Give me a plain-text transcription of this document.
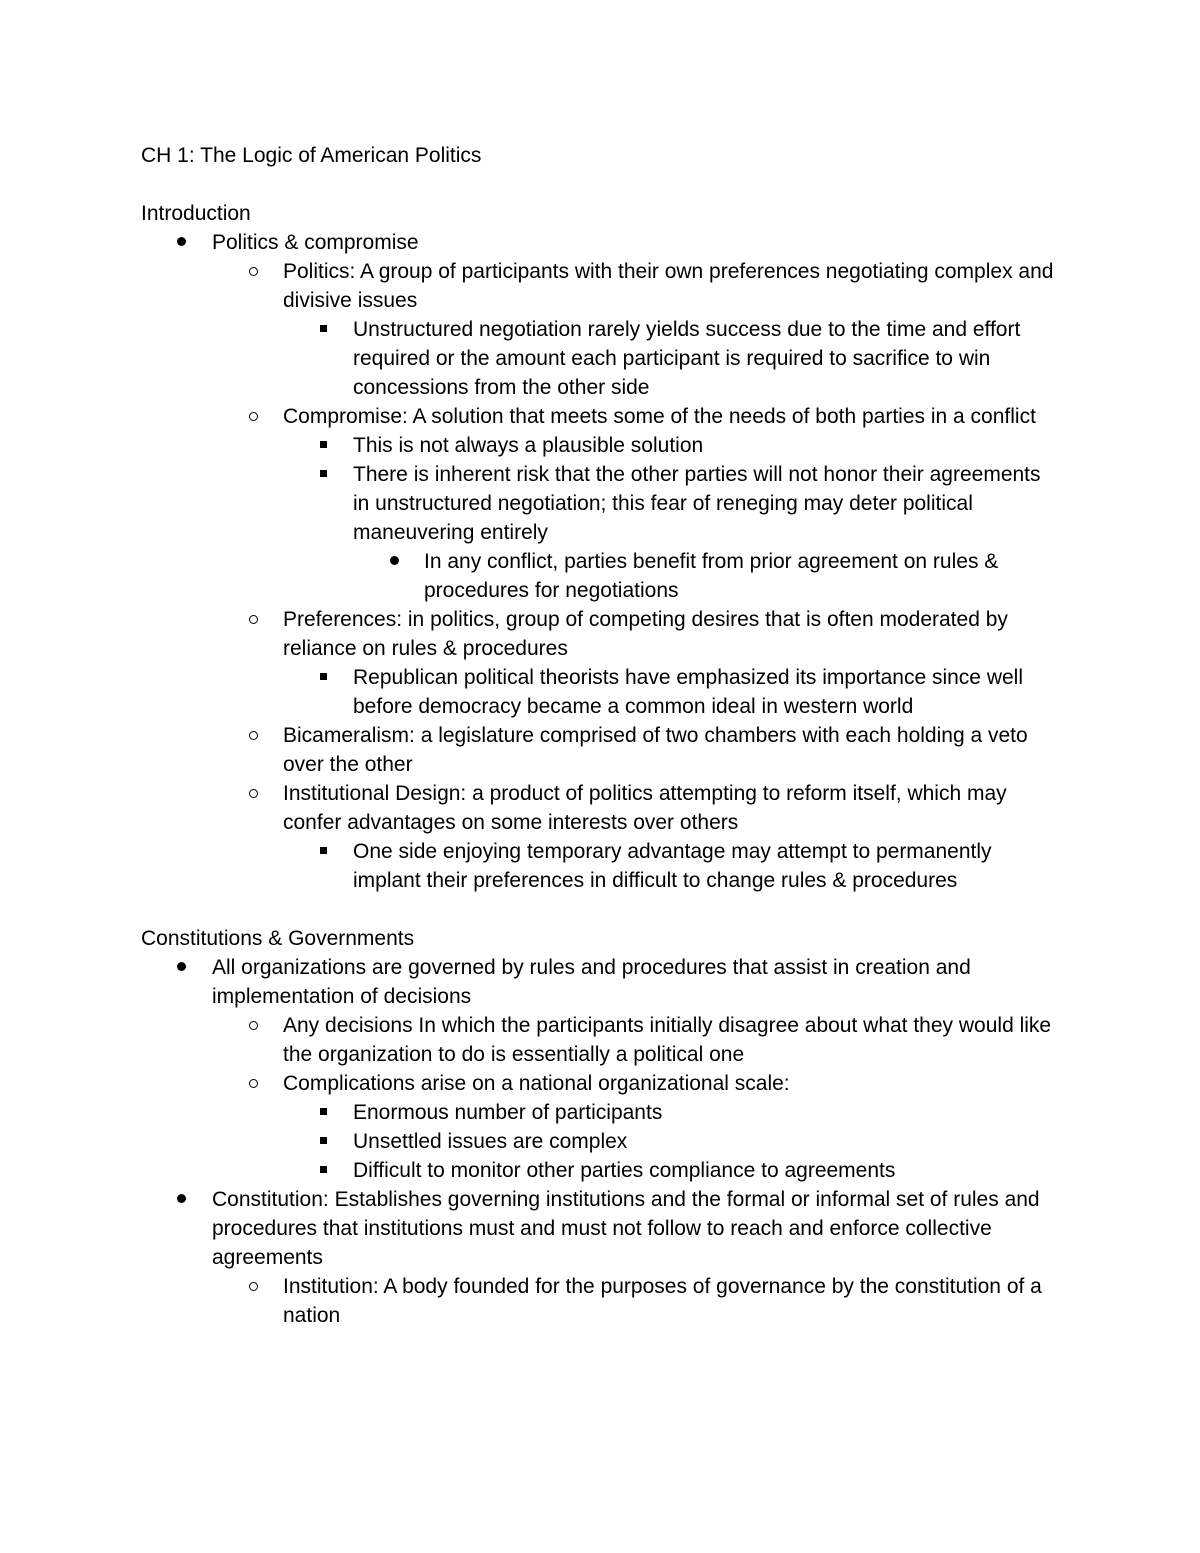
CH 1: The Logic of American Politics
Introduction
Politics & compromise
Politics: A group of participants with their own preferences negotiating complex and divisive issues
Unstructured negotiation rarely yields success due to the time and effort required or the amount each participant is required to sacrifice to win concessions from the other side
Compromise: A solution that meets some of the needs of both parties in a conflict
This is not always a plausible solution
There is inherent risk that the other parties will not honor their agreements in unstructured negotiation; this fear of reneging may deter political maneuvering entirely
In any conflict, parties benefit from prior agreement on rules & procedures for negotiations
Preferences: in politics, group of competing desires that is often moderated by reliance on rules & procedures
Republican political theorists have emphasized its importance since well before democracy became a common ideal in western world
Bicameralism: a legislature comprised of two chambers with each holding a veto over the other
Institutional Design: a product of politics attempting to reform itself, which may confer advantages on some interests over others
One side enjoying temporary advantage may attempt to permanently implant their preferences in difficult to change rules & procedures
Constitutions & Governments
All organizations are governed by rules and procedures that assist in creation and implementation of decisions
Any decisions In which the participants initially disagree about what they would like the organization to do is essentially a political one
Complications arise on a national organizational scale:
Enormous number of participants
Unsettled issues are complex
Difficult to monitor other parties compliance to agreements
Constitution: Establishes governing institutions and the formal or informal set of rules and procedures that institutions must and must not follow to reach and enforce collective agreements
Institution: A body founded for the purposes of governance by the constitution of a nation
